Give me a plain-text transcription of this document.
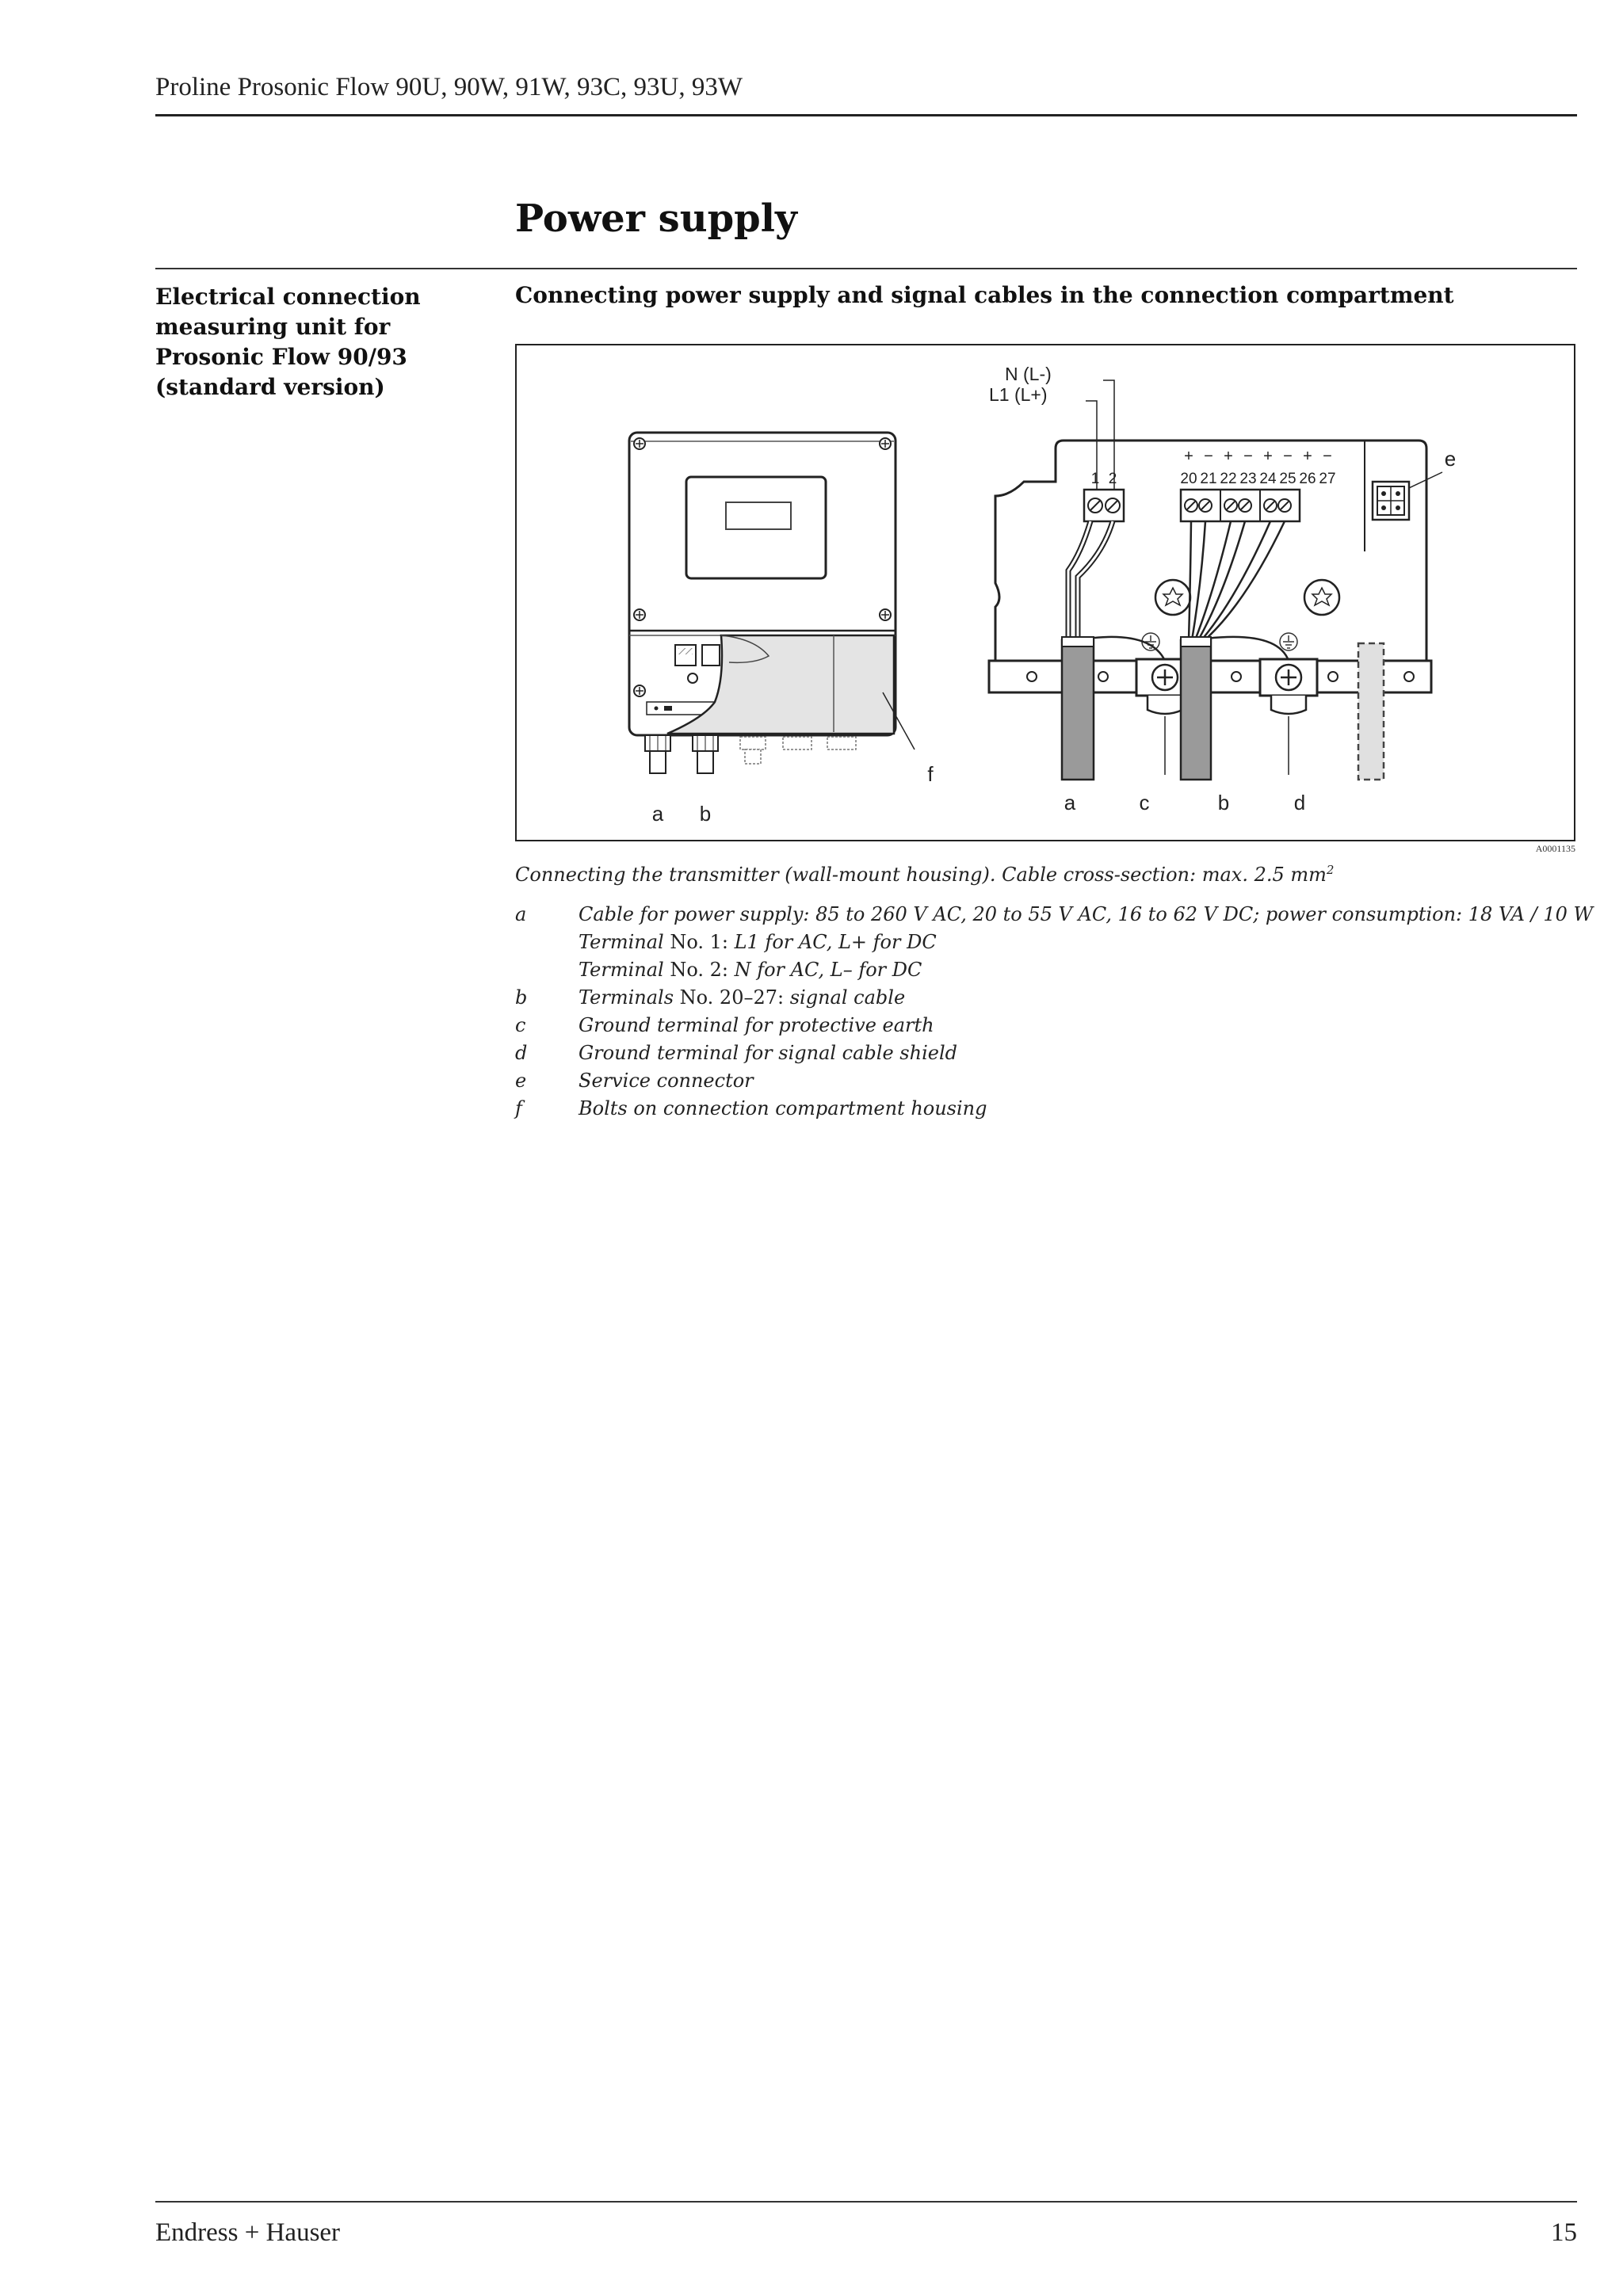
Proline Prosonic Flow 90U, 90W, 91W, 93C, 93U, 93W
Power supply
Electrical connection
measuring unit for
Prosonic Flow 90/93
(standard version)
Connecting power supply and signal cables in the connection compartment
a b
f
N (L-)
L1 (L+)
1 2	20 21 22 23 24 25 26 27
+ − + − + − + −	e
a	c	b	d
A0001135
Connecting the transmitter (wall-mount housing). Cable cross-section: max. 2.5 $mm^2$
a	Cable for power supply: 85 to 260 V AC, 20 to 55 V AC, 16 to 62 V DC; power consumption: 18 VA / 10 W
Terminal No. 1: L1 for AC, L+ for DC
Terminal No. 2: N for AC, L– for DC
b	Terminals No. 20–27: signal cable
c	Ground terminal for protective earth
d	Ground terminal for signal cable shield
e	Service connector
f	Bolts on connection compartment housing
Endress + Hauser	15
